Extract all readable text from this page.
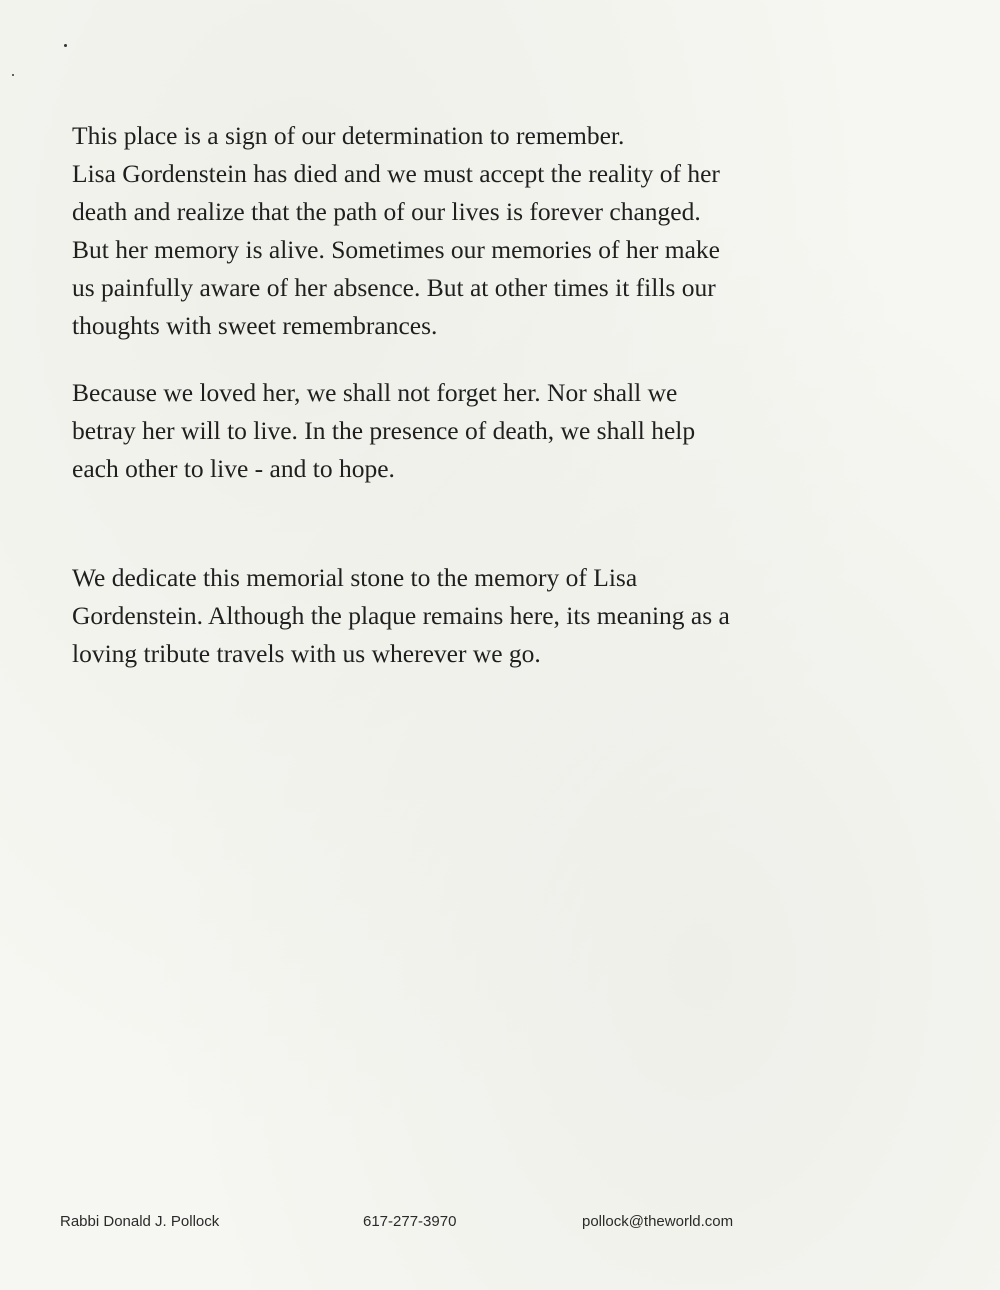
This place is a sign of our determination to remember.
Lisa Gordenstein has died and we must accept the reality of her
death and realize that the path of our lives is forever changed.
But her memory is alive. Sometimes our memories of her make
us painfully aware of her absence. But at other times it fills our
thoughts with sweet remembrances.

Because we loved her, we shall not forget her. Nor shall we
betray her will to live. In the presence of death, we shall help
each other to live - and to hope.

We dedicate this memorial stone to the memory of Lisa
Gordenstein. Although the plaque remains here, its meaning as a
loving tribute travels with us wherever we go.

Rabbi Donald J. Pollock	617-277-3970	pollock@theworld.com
